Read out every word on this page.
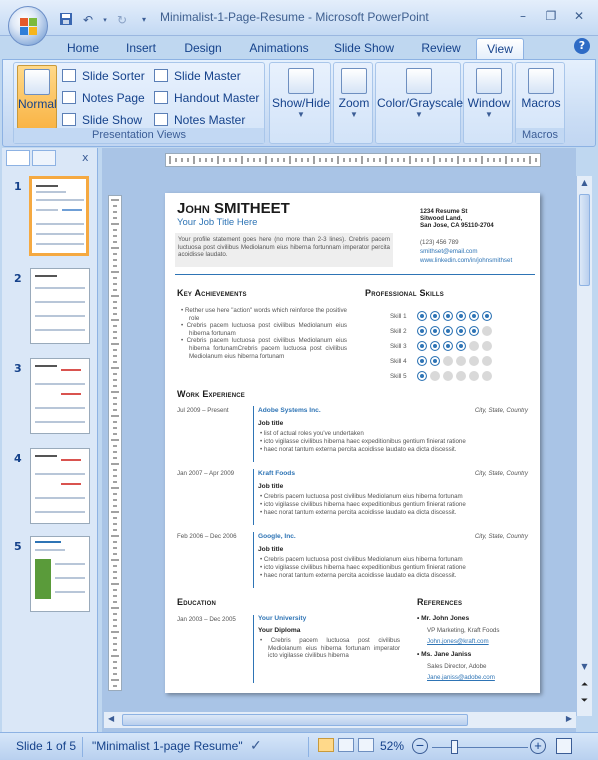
↶	▾ ↻	▾	Minimalist-1-Page-Resume - Microsoft PowerPoint	–	❐	✕
Home	Insert	Design	Animations	Slide Show	Review	View	?
Normal
Slide Sorter
Notes Page
Slide Show
Slide Master
Handout Master
Notes Master
Presentation Views
Show/Hide
▼
Zoom
▼
Color/Grayscale
▼
Window
▼
Macros
Macros
x
1
2
3
4
5
▲
▼
⏶
⏷
◀	▶
John SMITHEET
Your Job Title Here
1234 Resume St
Sitwood Land,
San Jose, CA 95110-2704
(123) 456 789
smithset@email.com
www.linkedin.com/in/johnsmithset
Your profile statement goes here (no more than 2-3 lines). Crebris pacem luctuosa post civilibus Mediolanum eius hiberna fortunnam imperator percita acoidisse laudato.
Key Achievements
• Rether use here "action" words which reinforce the positive role
• Crebris pacem luctuosa post civilibus Mediolanum eius hiberna fortunam
• Crebris pacem luctuosa post civilibus Mediolanum eius hiberna fortunamCrebris pacem luctuosa post civilibus Mediolanum eius hiberna fortunam
Professional Skills
Work Experience
Education
Jan 2003 – Dec 2005	Your University
Your Diploma
• Crebris pacem luctuosa post civilibus Mediolanum eius hiberna fortunam imperator icto vigilasse civilibus hiberna
References
Skill 1
Skill 2
Skill 3
Skill 4
Skill 5
Jul 2009 – Present	Adobe Systems Inc.	City, State, Country
Job title
• list of actual roles you've undertaken
• icto vigilasse civilibus hiberna haec expeditionibus gentium finierat ratione
• haec norat tantum externa percita acoidisse laudato ea dicta discessit.
Jan 2007 – Apr 2009	Kraft Foods	City, State, Country
Job title
• Crebris pacem luctuosa post civilibus Mediolanum eius hiberna fortunam
• icto vigilasse civilibus hiberna haec expeditionibus gentium finierat ratione
• haec norat tantum externa percita acoidisse laudato ea dicta discessit.
Feb 2006 – Dec 2006	Google, Inc.	City, State, Country
Job title
• Crebris pacem luctuosa post civilibus Mediolanum eius hiberna fortunam
• icto vigilasse civilibus hiberna haec expeditionibus gentium finierat ratione
• haec norat tantum externa percita acoidisse laudato ea dicta discessit.
• Mr. John Jones
VP Marketing, Kraft Foods
John.jones@kraft.com
• Ms. Jane Janiss
Sales Director, Adobe
Jane.janiss@adobe.com
Slide 1 of 5 "Minimalist 1-page Resume" ✓	52% −	+
